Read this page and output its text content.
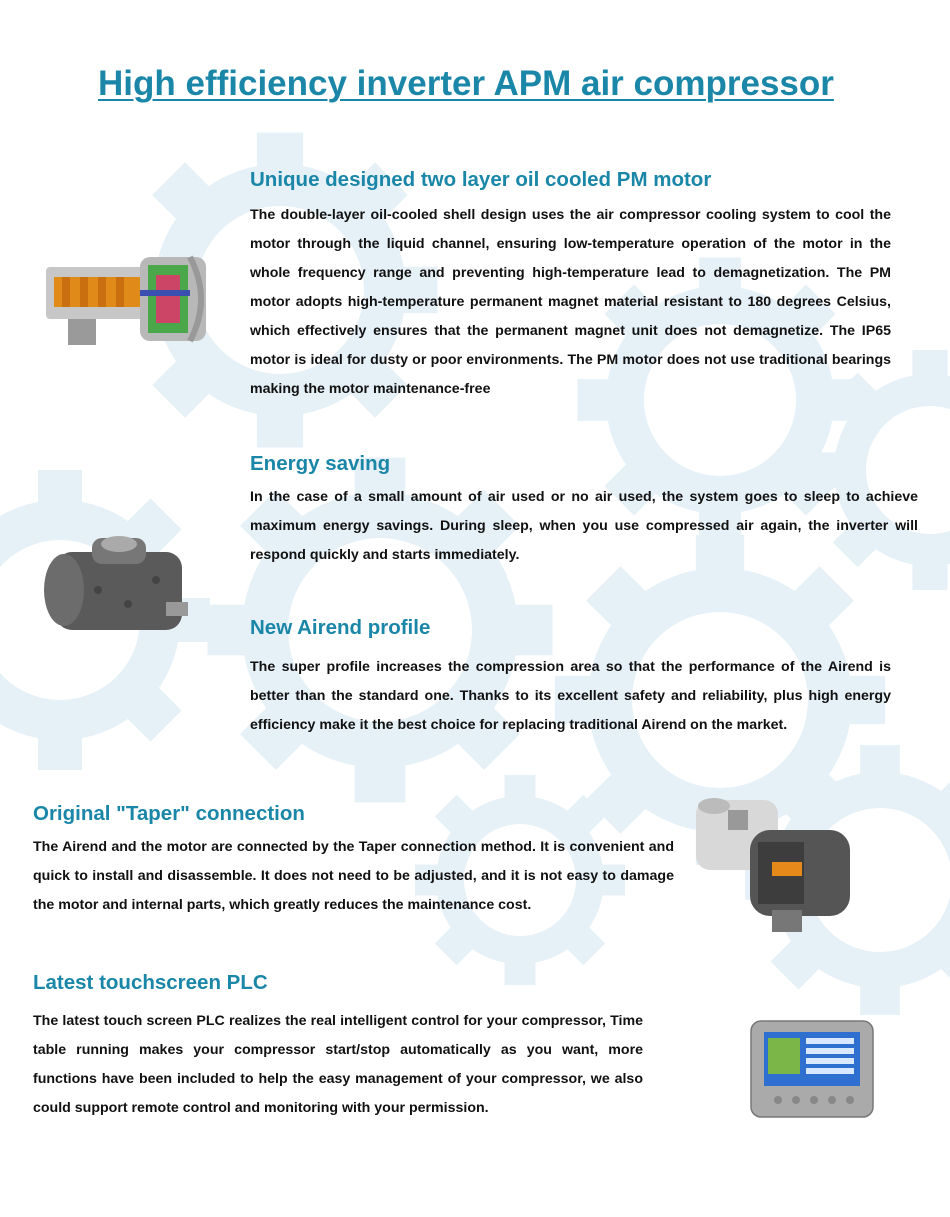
High efficiency inverter APM air compressor
Unique designed two layer oil cooled PM motor

The double-layer oil-cooled shell design uses the air compressor cooling system to cool the motor through the liquid channel, ensuring low-temperature operation of the motor in the whole frequency range and preventing high-temperature lead to demagnetization. The PM motor adopts high-temperature permanent magnet material resistant to 180 degrees Celsius, which effectively ensures that the permanent magnet unit does not demagnetize. The IP65 motor is ideal for dusty or poor environments. The PM motor does not use traditional bearings making the motor maintenance-free

Energy saving

In the case of a small amount of air used or no air used, the system goes to sleep to achieve maximum energy savings. During sleep, when you use compressed air again, the inverter will respond quickly and starts immediately.

New Airend profile

The super profile increases the compression area so that the performance of the Airend is better than the standard one. Thanks to its excellent safety and reliability, plus high energy efficiency make it the best choice for replacing traditional Airend on the market.

Original "Taper" connection

The Airend and the motor are connected by the Taper connection method. It is convenient and quick to install and disassemble. It does not need to be adjusted, and it is not easy to damage the motor and internal parts, which greatly reduces the maintenance cost.

Latest touchscreen PLC

The latest touch screen PLC realizes the real intelligent control for your compressor, Time table running makes your compressor start/stop automatically as you want, more functions have been included to help the easy management of your compressor, we also could support remote control and monitoring with your permission.
